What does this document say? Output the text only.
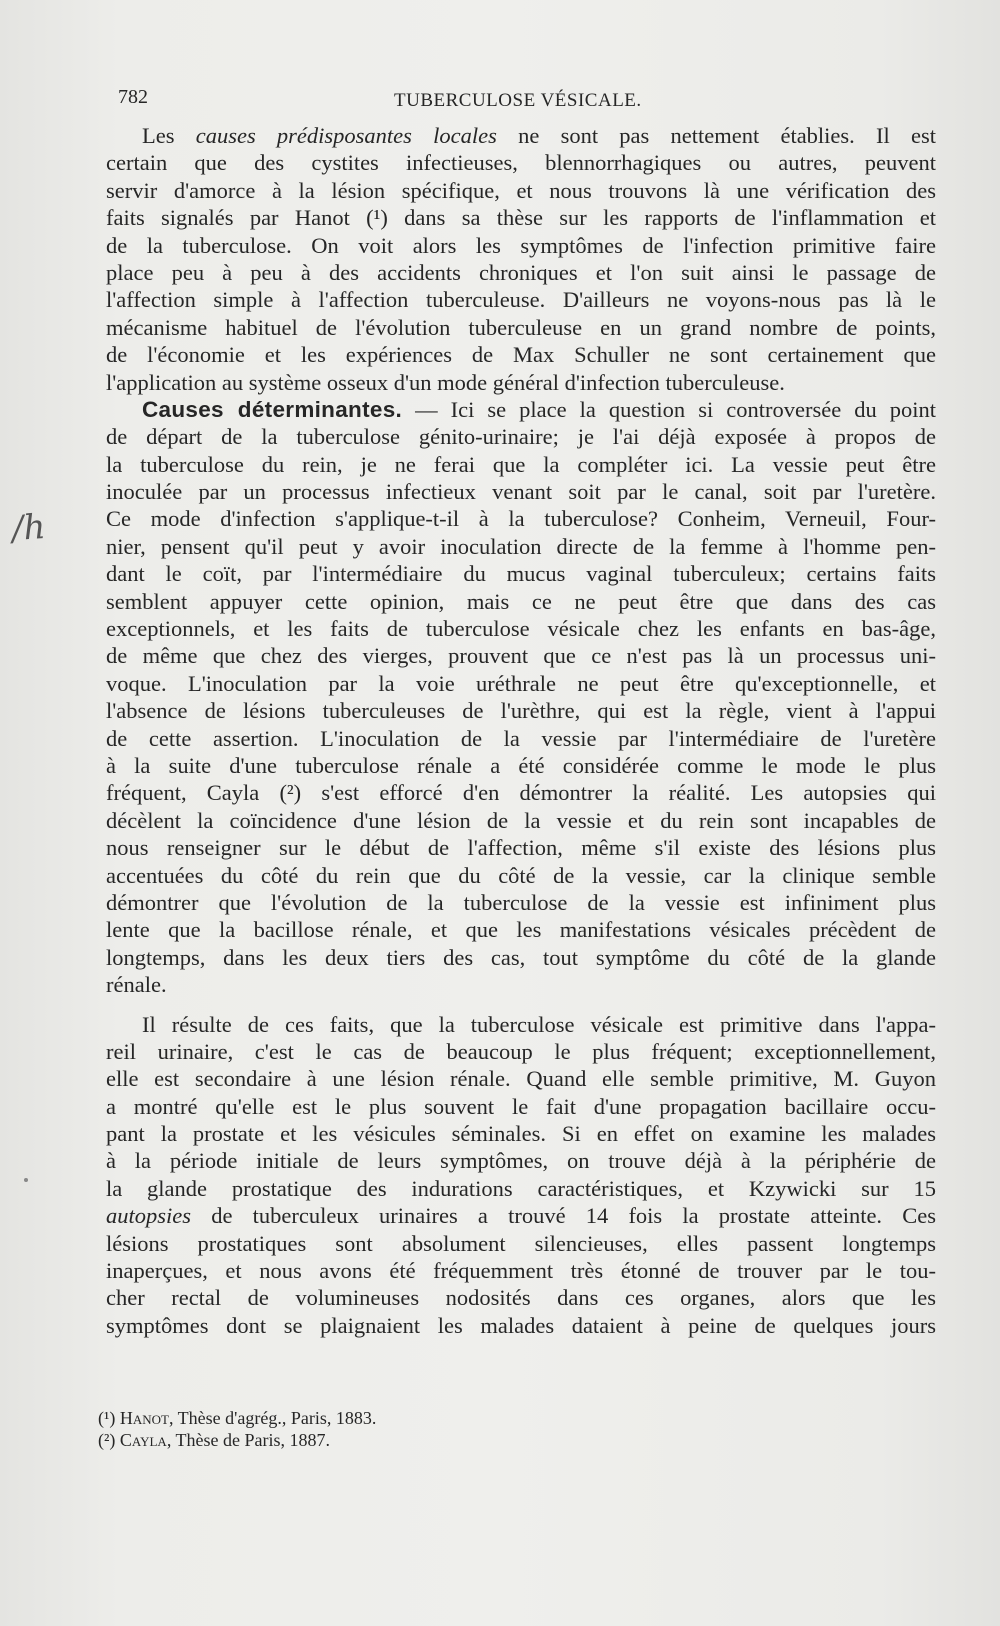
782	TUBERCULOSE VÉSICALE.
/h
Les causes prédisposantes locales ne sont pas nettement établies. Il est
certain que des cystites infectieuses, blennorrhagiques ou autres, peuvent
servir d'amorce à la lésion spécifique, et nous trouvons là une vérification des
faits signalés par Hanot (¹) dans sa thèse sur les rapports de l'inflammation et
de la tuberculose. On voit alors les symptômes de l'infection primitive faire
place peu à peu à des accidents chroniques et l'on suit ainsi le passage de
l'affection simple à l'affection tuberculeuse. D'ailleurs ne voyons-nous pas là le
mécanisme habituel de l'évolution tuberculeuse en un grand nombre de points,
de l'économie et les expériences de Max Schuller ne sont certainement que
l'application au système osseux d'un mode général d'infection tuberculeuse.
Causes déterminantes. — Ici se place la question si controversée du point
de départ de la tuberculose génito-urinaire; je l'ai déjà exposée à propos de
la tuberculose du rein, je ne ferai que la compléter ici. La vessie peut être
inoculée par un processus infectieux venant soit par le canal, soit par l'uretère.
Ce mode d'infection s'applique-t-il à la tuberculose? Conheim, Verneuil, Four-
nier, pensent qu'il peut y avoir inoculation directe de la femme à l'homme pen-
dant le coït, par l'intermédiaire du mucus vaginal tuberculeux; certains faits
semblent appuyer cette opinion, mais ce ne peut être que dans des cas
exceptionnels, et les faits de tuberculose vésicale chez les enfants en bas-âge,
de même que chez des vierges, prouvent que ce n'est pas là un processus uni-
voque. L'inoculation par la voie uréthrale ne peut être qu'exceptionnelle, et
l'absence de lésions tuberculeuses de l'urèthre, qui est la règle, vient à l'appui
de cette assertion. L'inoculation de la vessie par l'intermédiaire de l'uretère
à la suite d'une tuberculose rénale a été considérée comme le mode le plus
fréquent, Cayla (²) s'est efforcé d'en démontrer la réalité. Les autopsies qui
décèlent la coïncidence d'une lésion de la vessie et du rein sont incapables de
nous renseigner sur le début de l'affection, même s'il existe des lésions plus
accentuées du côté du rein que du côté de la vessie, car la clinique semble
démontrer que l'évolution de la tuberculose de la vessie est infiniment plus
lente que la bacillose rénale, et que les manifestations vésicales précèdent de
longtemps, dans les deux tiers des cas, tout symptôme du côté de la glande
rénale.
Il résulte de ces faits, que la tuberculose vésicale est primitive dans l'appa-
reil urinaire, c'est le cas de beaucoup le plus fréquent; exceptionnellement,
elle est secondaire à une lésion rénale. Quand elle semble primitive, M. Guyon
a montré qu'elle est le plus souvent le fait d'une propagation bacillaire occu-
pant la prostate et les vésicules séminales. Si en effet on examine les malades
à la période initiale de leurs symptômes, on trouve déjà à la périphérie de
la glande prostatique des indurations caractéristiques, et Kzywicki sur 15
autopsies de tuberculeux urinaires a trouvé 14 fois la prostate atteinte. Ces
lésions prostatiques sont absolument silencieuses, elles passent longtemps
inaperçues, et nous avons été fréquemment très étonné de trouver par le tou-
cher rectal de volumineuses nodosités dans ces organes, alors que les
symptômes dont se plaignaient les malades dataient à peine de quelques jours
(¹) Hanot, Thèse d'agrég., Paris, 1883.
(²) Cayla, Thèse de Paris, 1887.
